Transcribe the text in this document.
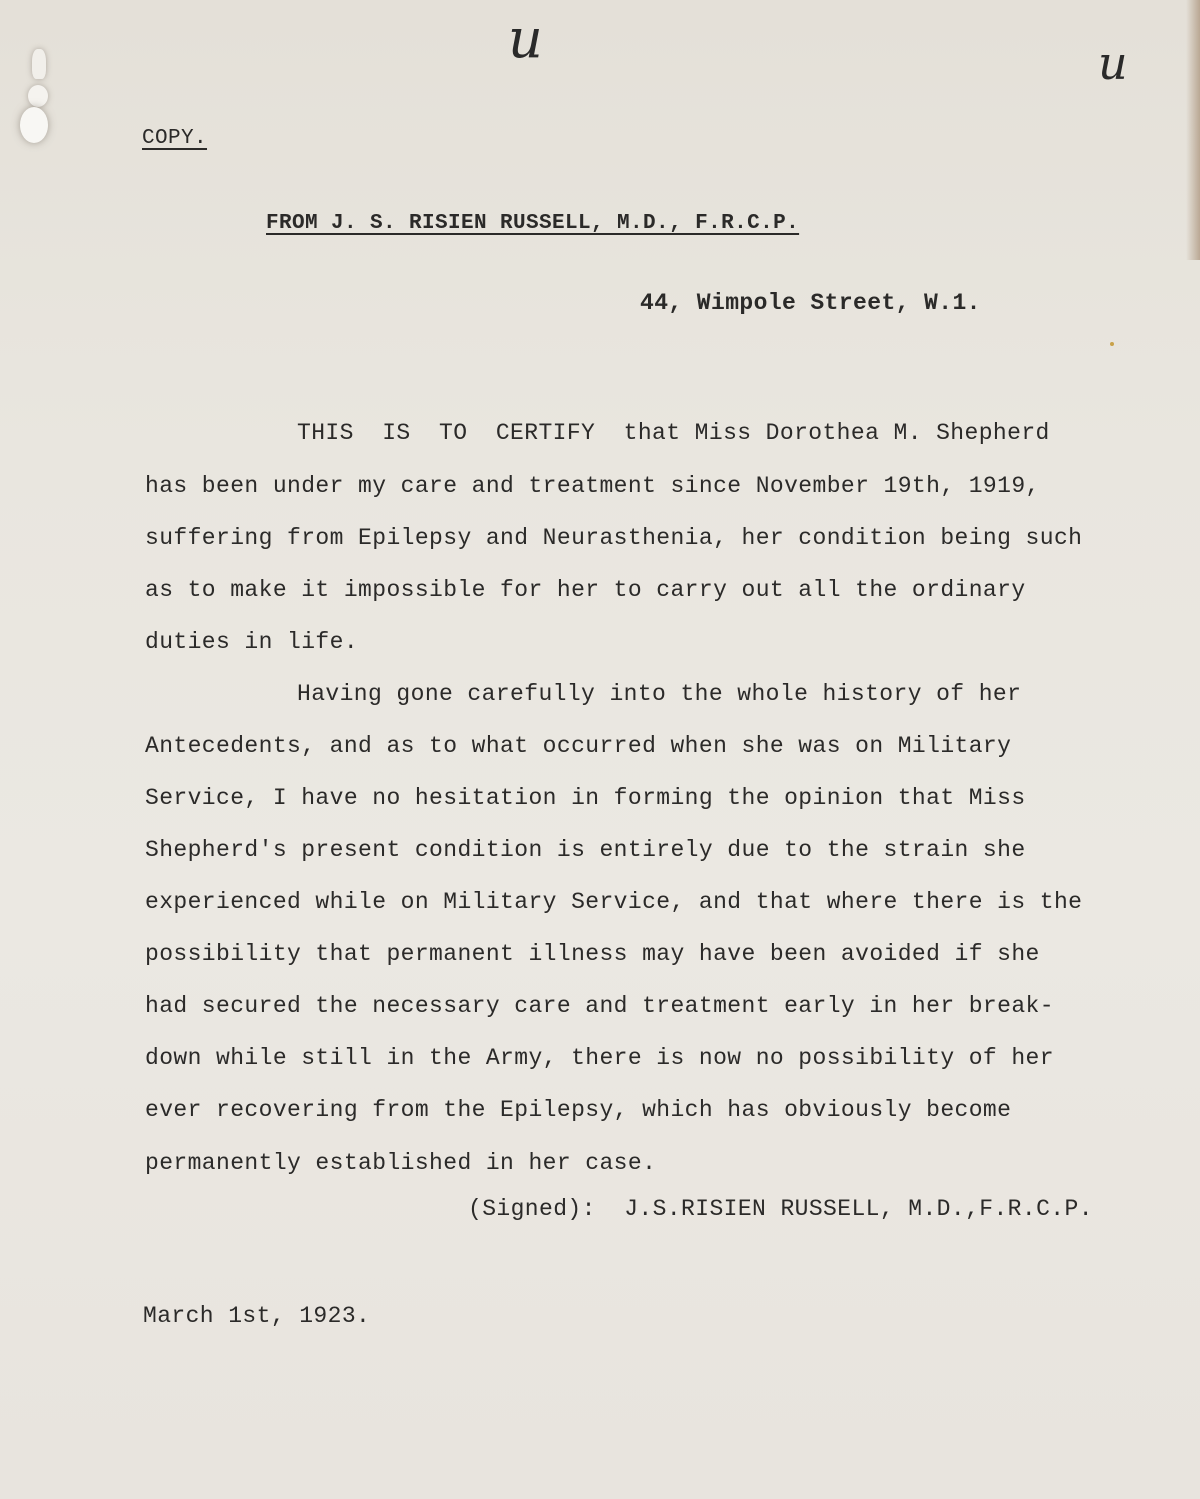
u	u
COPY.
FROM J. S. RISIEN RUSSELL, M.D., F.R.C.P.
44, Wimpole Street, W.1.
THIS  IS  TO  CERTIFY  that Miss Dorothea M. Shepherd
has been under my care and treatment since November 19th, 1919,
suffering from Epilepsy and Neurasthenia, her condition being such
as to make it impossible for her to carry out all the ordinary
duties in life.
Having gone carefully into the whole history of her
Antecedents, and as to what occurred when she was on Military
Service, I have no hesitation in forming the opinion that Miss
Shepherd's present condition is entirely due to the strain she
experienced while on Military Service, and that where there is the
possibility that permanent illness may have been avoided if she
had secured the necessary care and treatment early in her break-
down while still in the Army, there is now no possibility of her
ever recovering from the Epilepsy, which has obviously become
permanently established in her case.
(Signed):  J.S.RISIEN RUSSELL, M.D.,F.R.C.P.
March 1st, 1923.
